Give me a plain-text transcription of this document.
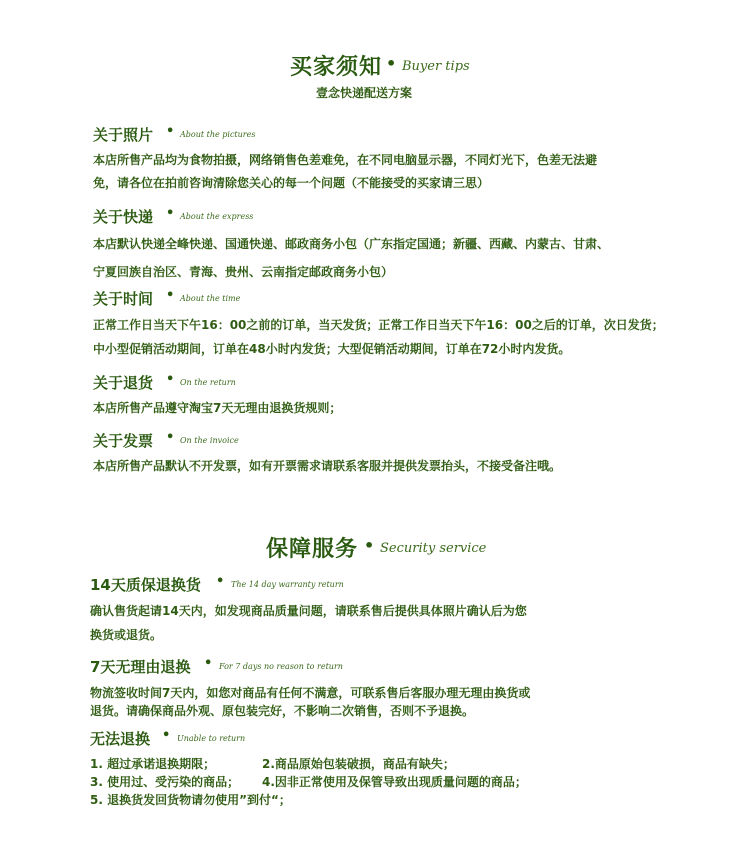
买家须知 • Buyer tips
壹念快递配送方案
关于照片 • About the pictures
本店所售产品均为食物拍摄，网络销售色差难免，在不同电脑显示器，不同灯光下，色差无法避
免，请各位在拍前咨询清除您关心的每一个问题（不能接受的买家请三思）
关于快递 • About the express
本店默认快递全峰快递、国通快递、邮政商务小包（广东指定国通；新疆、西藏、内蒙古、甘肃、
宁夏回族自治区、青海、贵州、云南指定邮政商务小包）
关于时间 • About the time
正常工作日当天下午16：00之前的订单，当天发货；正常工作日当天下午16：00之后的订单，次日发货；
中小型促销活动期间，订单在48小时内发货；大型促销活动期间，订单在72小时内发货。
关于退货 • On the return
本店所售产品遵守淘宝7天无理由退换货规则；
关于发票 • On the invoice
本店所售产品默认不开发票，如有开票需求请联系客服并提供发票抬头，不接受备注哦。
保障服务 • Security service
14天质保退换货 • The 14 day warranty return
确认售货起请14天内，如发现商品质量问题，请联系售后提供具体照片确认后为您
换货或退货。
7天无理由退换 • For 7 days no reason to return
物流签收时间7天内，如您对商品有任何不满意，可联系售后客服办理无理由换货或
退货。请确保商品外观、原包装完好，不影响二次销售，否则不予退换。
无法退换 • Unable to return
1. 超过承诺退换期限；	2.商品原始包装破损，商品有缺失；
3. 使用过、受污染的商品； 4.因非正常使用及保管导致出现质量问题的商品；
5. 退换货发回货物请勿使用”到付“；
